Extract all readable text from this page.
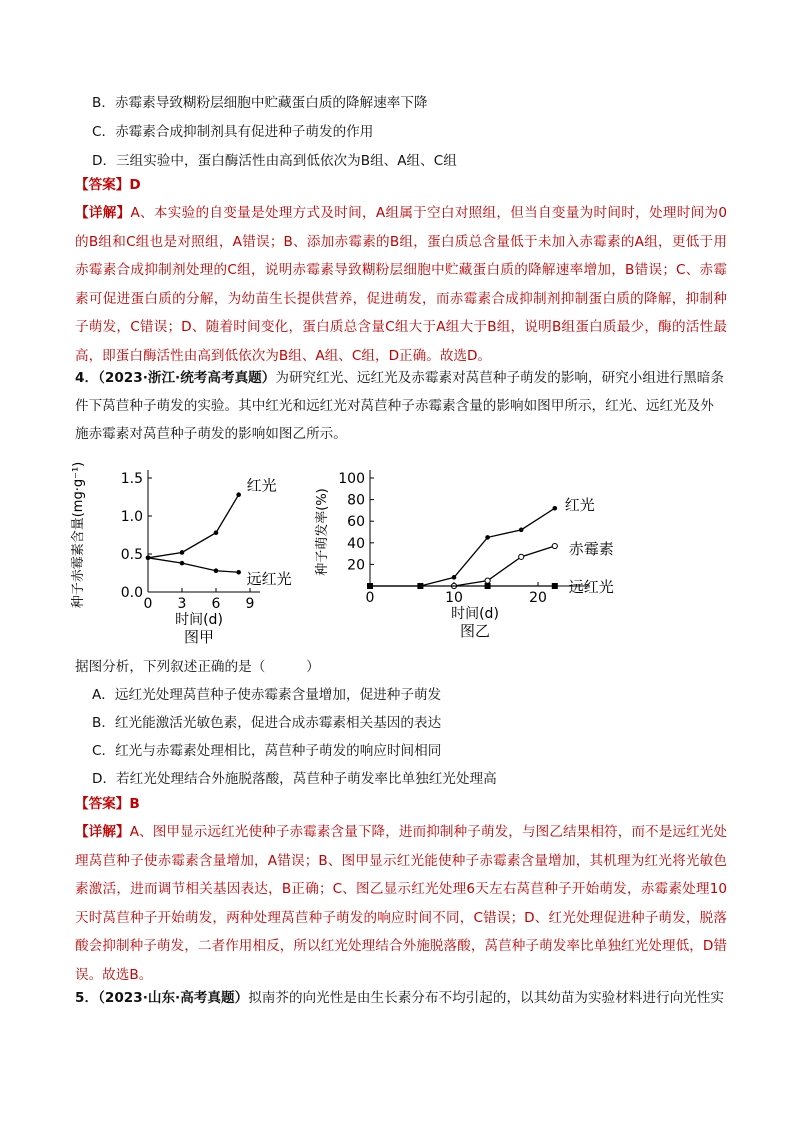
B．赤霉素导致糊粉层细胞中贮藏蛋白质的降解速率下降
C．赤霉素合成抑制剂具有促进种子萌发的作用
D．三组实验中，蛋白酶活性由高到低依次为B组、A组、C组
【答案】D
【详解】A、本实验的自变量是处理方式及时间，A组属于空白对照组，但当自变量为时间时，处理时间为0的B组和C组也是对照组，A错误；B、添加赤霉素的B组，蛋白质总含量低于未加入赤霉素的A组，更低于用赤霉素合成抑制剂处理的C组，说明赤霉素导致糊粉层细胞中贮藏蛋白质的降解速率增加，B错误；C、赤霉素可促进蛋白质的分解，为幼苗生长提供营养，促进萌发，而赤霉素合成抑制剂抑制蛋白质的降解，抑制种子萌发，C错误；D、随着时间变化，蛋白质总含量C组大于A组大于B组，说明B组蛋白质最少，酶的活性最高，即蛋白酶活性由高到低依次为B组、A组、C组，D正确。故选D。
4．（2023·浙江·统考高考真题）为研究红光、远红光及赤霉素对莴苣种子萌发的影响，研究小组进行黑暗条件下莴苣种子萌发的实验。其中红光和远红光对莴苣种子赤霉素含量的影响如图甲所示，红光、远红光及外施赤霉素对莴苣种子萌发的影响如图乙所示。
0 3 6 9
0.0
0.5
1.0
1.5
时间(d)
图甲
种子赤霉素含量(mg·g⁻¹)	红光
远红光
0	10	20
20
40
60
80
100
时间(d)
图乙
种子萌发率(%)	红光
赤霉素
远红光
据图分析，下列叙述正确的是（　　　）
A．远红光处理莴苣种子使赤霉素含量增加，促进种子萌发
B．红光能激活光敏色素，促进合成赤霉素相关基因的表达
C．红光与赤霉素处理相比，莴苣种子萌发的响应时间相同
D．若红光处理结合外施脱落酸，莴苣种子萌发率比单独红光处理高
【答案】B
【详解】A、图甲显示远红光使种子赤霉素含量下降，进而抑制种子萌发，与图乙结果相符，而不是远红光处理莴苣种子使赤霉素含量增加，A错误；B、图甲显示红光能使种子赤霉素含量增加，其机理为红光将光敏色素激活，进而调节相关基因表达，B正确；C、图乙显示红光处理6天左右莴苣种子开始萌发，赤霉素处理10天时莴苣种子开始萌发，两种处理莴苣种子萌发的响应时间不同，C错误；D、红光处理促进种子萌发，脱落酸会抑制种子萌发，二者作用相反，所以红光处理结合外施脱落酸，莴苣种子萌发率比单独红光处理低，D错误。故选B。
5．（2023·山东·高考真题）拟南芥的向光性是由生长素分布不均引起的，以其幼苗为实验材料进行向光性实
